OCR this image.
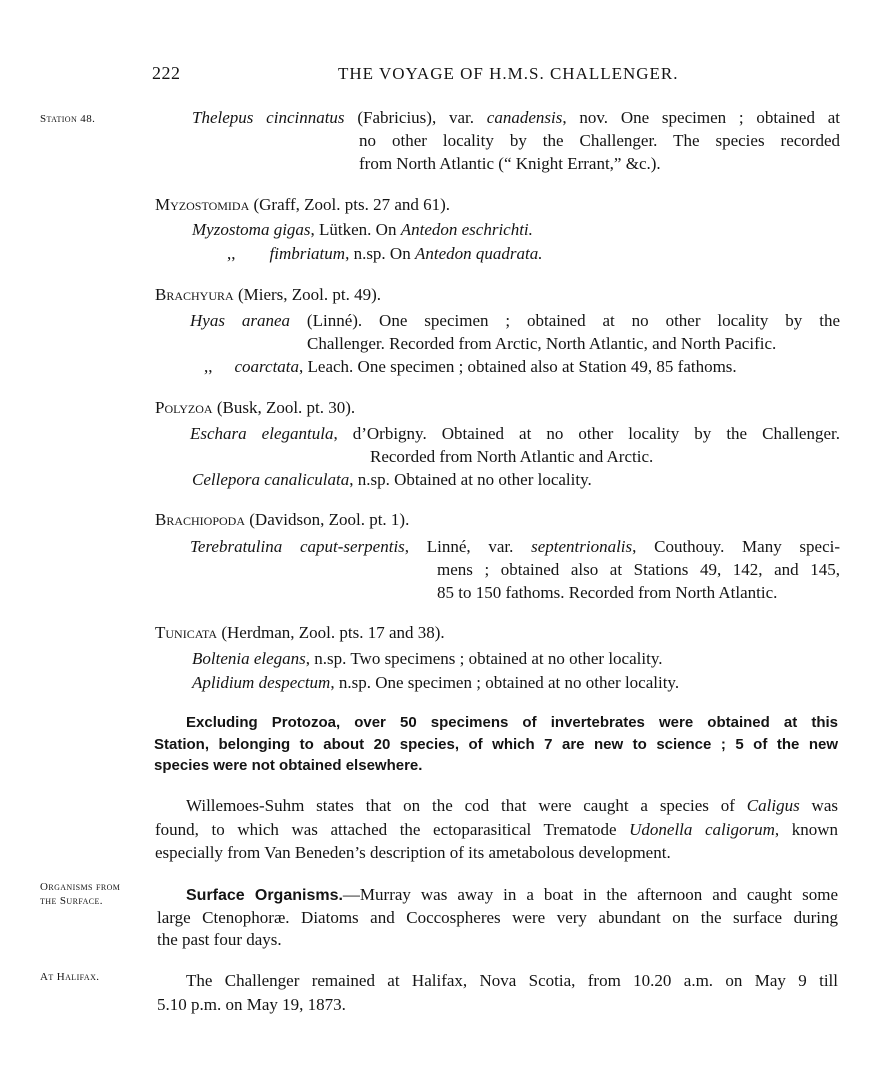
222	THE VOYAGE OF H.M.S. CHALLENGER.
Station 48.
Organisms from
the Surface.
At Halifax.
Thelepus cincinnatus (Fabricius), var. canadensis, nov. One specimen ; obtained at
no other locality by the Challenger. The species recorded
from North Atlantic (“ Knight Errant,” &c.).
Myzostomida (Graff, Zool. pts. 27 and 61).
Myzostoma gigas, Lütken. On Antedon eschrichti.
,, fimbriatum, n.sp. On Antedon quadrata.
Brachyura (Miers, Zool. pt. 49).
Hyas aranea (Linné). One specimen ; obtained at no other locality by the
Challenger. Recorded from Arctic, North Atlantic, and North Pacific.
,, coarctata, Leach. One specimen ; obtained also at Station 49, 85 fathoms.
Polyzoa (Busk, Zool. pt. 30).
Eschara elegantula, d’Orbigny. Obtained at no other locality by the Challenger.
Recorded from North Atlantic and Arctic.
Cellepora canaliculata, n.sp. Obtained at no other locality.
Brachiopoda (Davidson, Zool. pt. 1).
Terebratulina caput-serpentis, Linné, var. septentrionalis, Couthouy. Many speci-
mens ; obtained also at Stations 49, 142, and 145,
85 to 150 fathoms. Recorded from North Atlantic.
Tunicata (Herdman, Zool. pts. 17 and 38).
Boltenia elegans, n.sp. Two specimens ; obtained at no other locality.
Aplidium despectum, n.sp. One specimen ; obtained at no other locality.
Excluding Protozoa, over 50 specimens of invertebrates were obtained at this
Station, belonging to about 20 species, of which 7 are new to science ; 5 of the new
species were not obtained elsewhere.
Willemoes-Suhm states that on the cod that were caught a species of Caligus was
found, to which was attached the ectoparasitical Trematode Udonella caligorum, known
especially from Van Beneden’s description of its ametabolous development.
Surface Organisms.—Murray was away in a boat in the afternoon and caught some
large Ctenophoræ. Diatoms and Coccospheres were very abundant on the surface during
the past four days.
The Challenger remained at Halifax, Nova Scotia, from 10.20 a.m. on May 9 till
5.10 p.m. on May 19, 1873.
